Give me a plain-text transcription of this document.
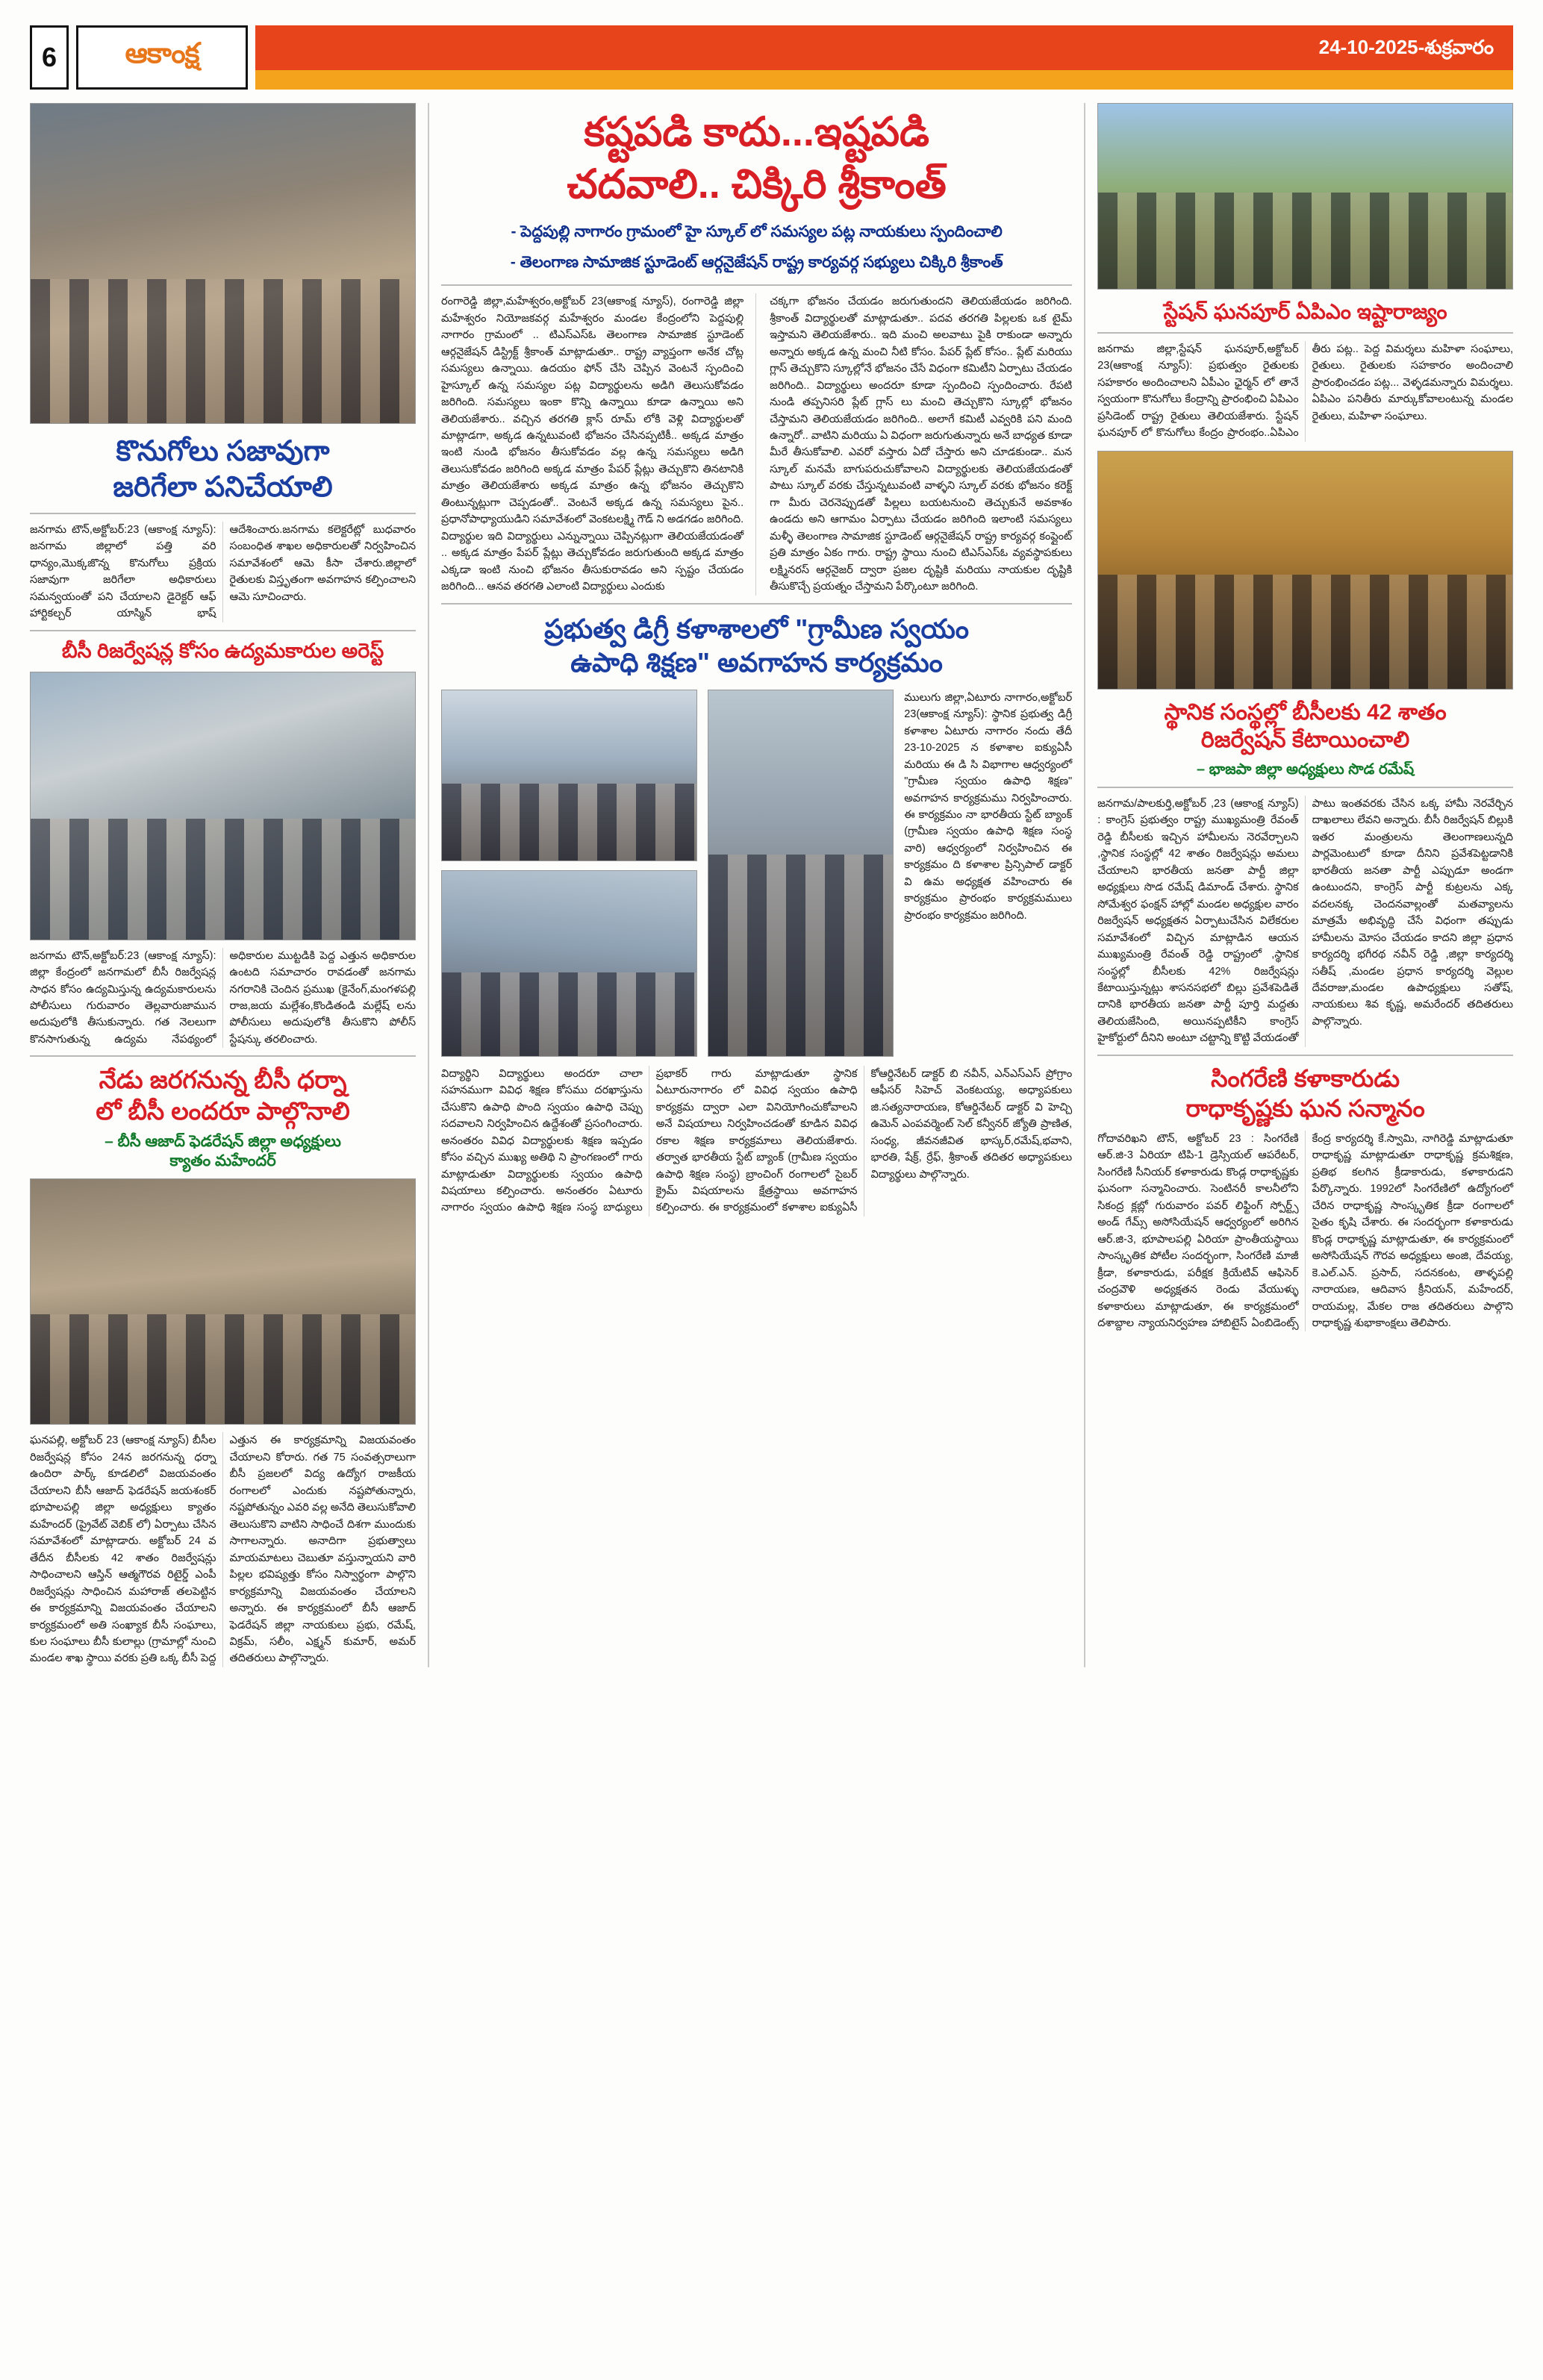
6	ఆకాంక్ష	24-10-2025-శుక్రవారం
కొనుగోలు సజావుగా
జరిగేలా పనిచేయాలి
జనగామ టౌన్,అక్టోబర్:23 (ఆకాంక్ష న్యూస్): జనగామ జిల్లాలో పత్తి వరి ధాన్యం,మొక్కజొన్న కొనుగోలు ప్రక్రియ సజావుగా జరిగేలా అధికారులు సమన్వయంతో పని చేయాలని డైరెక్టర్ ఆఫ్ హార్టికల్చర్ యాస్మిన్ భాష్ ఆదేశించారు.జనగామ కలెక్టరేట్లో బుధవారం సంబంధిత శాఖల అధికారులతో నిర్వహించిన సమావేశంలో ఆమె కీసా చేశారు.జిల్లాలో రైతులకు విస్తృతంగా అవగాహన కల్పించాలని ఆమె సూచించారు.
బీసీ రిజర్వేషన్ల కోసం ఉద్యమకారుల అరెస్ట్
జనగామ టౌన్,అక్టోబర్:23 (ఆకాంక్ష న్యూస్): జిల్లా కేంద్రంలో జనగామలో బీసీ రిజర్వేషన్ల సాధన కోసం ఉద్యమిస్తున్న ఉద్యమకారులను పోలీసులు గురువారం తెల్లవారుజామున అదుపులోకి తీసుకున్నారు. గత నెలలుగా కొనసాగుతున్న ఉద్యమ నేపథ్యంలో అధికారుల ముట్టడికి పెద్ద ఎత్తున అధికారుల ఉంటది సమాచారం రావడంతో జనగామ నగరానికి చెందిన ప్రముఖ (కైనేంగ్,మంగళపల్లి రాజ,జయ మల్లేశం,కొండితండి మల్లేష్ లను పోలీసులు అదుపులోకి తీసుకొని పోలీస్ స్టేషన్కు తరలించారు.
నేడు జరగనున్న బీసీ ధర్నా
లో బీసీ లందరూ పాల్గొనాలి
– బీసీ ఆజాద్ ఫెడరేషన్ జిల్లా అధ్యక్షులు
క్యాతం మహేందర్
ఘనపల్లి, అక్టోబర్ 23 (ఆకాంక్ష న్యూస్) బీసీల రిజర్వేషన్ల కోసం 24న జరగనున్న ధర్నా ఉందిరా పార్క్ కూడలిలో విజయవంతం చేయాలని బీసీ ఆజాద్ ఫెడరేషన్ జయశంకర్ భూపాలపల్లి జిల్లా అధ్యక్షులు క్యాతం మహేందర్ (ప్రైవేట్ వెబిక్ లో) ఏర్పాటు చేసిన సమావేశంలో మాట్లాడారు. అక్టోబర్ 24 వ తేదీన బీసీలకు 42 శాతం రిజర్వేషన్లు సాధించాలని ఆస్తిన్ ఆత్మగౌరవ రిటైర్డ్ ఎంపీ రిజర్వేషన్లు సాధించిన మహారాజ్ తలపెట్టిన ఈ కార్యక్రమాన్ని విజయవంతం చేయాలని కార్యక్రమంలో అతి సంఖ్యాక బీసీ సంఘాలు, కుల సంఘాలు బీసీ కులాల్లు (గ్రామాల్లో నుంచి మండల శాఖ స్థాయి వరకు ప్రతి ఒక్క బీసీ పెద్ద ఎత్తున ఈ కార్యక్రమాన్ని విజయవంతం చేయాలని కోరారు. గత 75 సంవత్సరాలుగా బీసీ ప్రజలలో విద్య ఉద్యోగ రాజకీయ రంగాలలో ఎందుకు నష్టపోతున్నారు, నష్టపోతున్నం ఎవరి వల్ల అనేది తెలుసుకోవాలి తెలుసుకొని వాటిని సాధించే దిశగా ముందుకు సాగాలన్నారు. అనాదిగా ప్రభుత్వాలు మాయమాటలు చెబుతూ వస్తున్నాయని వారి పిల్లల భవిష్యత్తు కోసం నిస్వార్థంగా పాల్గొని కార్యక్రమాన్ని విజయవంతం చేయాలని అన్నారు. ఈ కార్యక్రమంలో బీసీ ఆజాద్ ఫెడరేషన్ జిల్లా నాయకులు ప్రభు, రమేష్, విక్రమ్, సలీం, ఎక్ష్మన్ కుమార్, అమర్ తదితరులు పాల్గొన్నారు.
కష్టపడి కాదు...ఇష్టపడి
చదవాలి.. చిక్కిరి శ్రీకాంత్
- పెద్దపుల్లి నాగారం గ్రామంలో హై స్కూల్ లో సమస్యల పట్ల నాయకులు స్పందించాలి
- తెలంగాణ సామాజిక స్టూడెంట్ ఆర్గనైజేషన్ రాష్ట్ర కార్యవర్గ సభ్యులు చిక్కిరి శ్రీకాంత్
రంగారెడ్డి జిల్లా,మహేశ్వరం,అక్టోబర్ 23(ఆకాంక్ష న్యూస్), రంగారెడ్డి జిల్లా మహేశ్వరం నియోజకవర్గ మహేశ్వరం మండల కేంద్రంలోని పెద్దపుల్లి నాగారం గ్రామంలో .. టిఎస్ఎస్ఓ తెలంగాణ సామాజిక స్టూడెంట్ ఆర్గనైజేషన్ డిస్ట్రిక్ట్ శ్రీకాంత్ మాట్లాడుతూ.. రాష్ట్ర వ్యాప్తంగా అనేక చోట్ల సమస్యలు ఉన్నాయి. ఉదయం ఫోన్ చేసి చెప్పిన వెంటనే స్పందించి హైస్కూల్ ఉన్న సమస్యల పట్ల విద్యార్థులను అడిగి తెలుసుకోవడం జరిగింది. సమస్యలు ఇంకా కొన్ని ఉన్నాయి కూడా ఉన్నాయి అని తెలియజేశారు.. వచ్చిన తరగతి క్లాస్ రూమ్ లోకి వెళ్లి విద్యార్థులతో మాట్లాడగా, అక్కడ ఉన్నటువంటి భోజనం చేసినప్పటికీ.. అక్కడ మాత్రం ఇంటి నుండి భోజనం తీసుకోవడం వల్ల ఉన్న సమస్యలు అడిగి తెలుసుకోవడం జరిగింది అక్కడ మాత్రం పేపర్ ప్లేట్లు తెచ్చుకొని తినటానికి మాత్రం తెలియజేశారు అక్కడ మాత్రం ఉన్న భోజనం తెచ్చుకొని తింటున్నట్లుగా చెప్పడంతో.. వెంటనే అక్కడ ఉన్న సమస్యలు పైన.. ప్రధానోపాధ్యాయుడిని సమావేశంలో వెంకటలక్ష్మి గౌడ్ ని అడగడం జరిగింది. విద్యార్థుల ఇది విద్యార్థులు ఎన్నున్నాయి చెప్పినట్లుగా తెలియజేయడంతో .. అక్కడ మాత్రం పేపర్ ప్లేట్లు తెచ్చుకోవడం జరుగుతుంది అక్కడ మాత్రం ఎక్కడా ఇంటి నుంచి భోజనం తీసుకురావడం అని స్పష్టం చేయడం జరిగింది... ఆనవ తరగతి ఎలాంటి విద్యార్థులు ఎందుకు
చక్కగా భోజనం చేయడం జరుగుతుందని తెలియజేయడం జరిగింది. శ్రీకాంత్ విద్యార్థులతో మాట్లాడుతూ.. పదవ తరగతి పిల్లలకు ఒక టైమ్ ఇస్తామని తెలియజేశారు.. ఇది మంచి అలవాటు పైకి రాకుండా అన్నారు అన్నారు అక్కడ ఉన్న మంచి నీటి కోసం. పేపర్ ప్లేట్ కోసం.. ప్లేట్ మరియు గ్లాస్ తెచ్చుకొని స్కూల్లోనే భోజనం చేసే విధంగా కమిటీని ఏర్పాటు చేయడం జరిగింది.. విద్యార్థులు అందరూ కూడా స్పందించి స్పందించారు. రేపటి నుండి తప్పనిసరి ప్లేట్ గ్లాస్ లు మంచి తెచ్చుకొని స్కూల్లో భోజనం చేస్తామని తెలియజేయడం జరిగింది.. అలాగే కమిటీ ఎవ్వరికి పని మంది ఉన్నారో.. వాటిని మరియు ఏ విధంగా జరుగుతున్నారు అనే బాధ్యత కూడా మీరే తీసుకోవాలి. ఎవరో వస్తారు ఏదో చేస్తారు అని చూడకుండా.. మన స్కూల్ మనమే బాగుపరుచుకోవాలని విద్యార్థులకు తెలియజేయడంతో పాటు స్కూల్ వరకు చేస్తున్నటువంటి వాళ్ళని స్కూల్ వరకు భోజనం కరెక్ట్ గా మీరు చెరనెప్పుడతో పిల్లలు బయటనుంచి తెచ్చుకునే అవకాశం ఉండదు అని ఆగామం ఏర్పాటు చేయడం జరిగింది ఇలాంటి సమస్యలు మళ్ళీ తెలంగాణ సామాజిక స్టూడెంట్ ఆర్గనైజేషన్ రాష్ట్ర కార్యవర్గ కంప్లైంట్ ప్రతి మాత్రం ఏకం గారు. రాష్ట్ర స్థాయి నుంచి టిఎస్ఎస్ఓ వ్యవస్థాపకులు లక్ష్మినరస్ ఆర్గనైజర్ ద్వారా ప్రజల దృష్టికి మరియు నాయకుల దృష్టికి తీసుకొచ్చే ప్రయత్నం చేస్తామని పేర్కొంటూ జరిగింది.
ప్రభుత్వ డిగ్రీ కళాశాలలో "గ్రామీణ స్వయం
ఉపాధి శిక్షణ" అవగాహన కార్యక్రమం
ములుగు జిల్లా,ఏటూరు నాగారం,అక్టోబర్ 23(ఆకాంక్ష న్యూస్): స్థానిక ప్రభుత్వ డిగ్రీ కళాశాల ఏటూరు నాగారం నందు తేదీ 23-10-2025 న కళాశాల ఐక్యుఏసీ మరియు ఈ డి సి విభాగాల ఆధ్వర్యంలో "గ్రామీణ స్వయం ఉపాధి శిక్షణ" అవగాహన కార్యక్రమము నిర్వహించారు. ఈ కార్యక్రమం నా భారతీయ స్టేట్ బ్యాంక్ (గ్రామీణ స్వయం ఉపాధి శిక్షణ సంస్థ వారి) ఆధ్వర్యంలో నిర్వహించిన ఈ కార్యక్రమం ది కళాశాల ప్రిన్సిపాల్ డాక్టర్ వి ఉమ అధ్యక్షత వహించారు ఈ కార్యక్రమం ప్రారంభం కార్యక్రమములు ప్రారంభం కార్యక్రమం జరిగింది.
విద్యార్థిని విద్యార్థులు అందరూ చాలా సహనముగా వివిధ శిక్షణ కోసము దరఖాస్తును చేసుకొని ఉపాధి పొంది స్వయం ఉపాధి చెప్పు సదవాలని నిర్వహించిన ఉద్దేశంతో ప్రసంగించారు. అనంతరం వివిధ విద్యార్థులకు శిక్షణ ఇప్పడం కోసం వచ్చిన ముఖ్య అతిథి ని ప్రాంగణంలో గారు మాట్లాడుతూ విద్యార్థులకు స్వయం ఉపాధి విషయాలు కల్పించారు. అనంతరం ఏటూరు నాగారం స్వయం ఉపాధి శిక్షణ సంస్థ బాధ్యులు ప్రభాకర్ గారు మాట్లాడుతూ స్థానిక ఏటూరునాగారం లో వివిధ స్వయం ఉపాధి కార్యక్రమ ద్వారా ఎలా వినియోగించుకోవాలని అనే విషయాలు నిర్వహించడంతో కూడిన వివిధ రకాల శిక్షణ కార్యక్రమాలు తెలియజేశారు. తర్వాత భారతీయ స్టేట్ బ్యాంక్ (గ్రామీణ స్వయం ఉపాధి శిక్షణ సంస్థ) బ్రాంచింగ్ రంగాలలో సైబర్ క్రైమ్ విషయాలను క్షేత్రస్థాయి అవగాహన కల్పించారు. ఈ కార్యక్రమంలో కళాశాల ఐక్యుఏసీ కోఆర్డినేటర్ డాక్టర్ బి నవీన్, ఎన్ఎస్ఎస్ ప్రోగ్రాం ఆఫీసర్ సిహెచ్ వెంకటయ్య, అధ్యాపకులు జి.సత్యనారాయణ, కోఆర్డినేటర్ డాక్టర్ వి హెచ్చి ఉమెన్ ఎంపవర్మెంట్ సెల్ కన్వీనర్ జ్యోతి ప్రాణిత, సంధ్య, జీవనజీవిత భాస్కర్,రమేష్,భవాని, భారతి, షేక్ర్, ర్రేఫ్, శ్రీకాంత్ తదితర అధ్యాపకులు విద్యార్థులు పాల్గొన్నారు.
స్టేషన్ ఘనపూర్ ఏపిఎం ఇష్టారాజ్యం
జనగామ జిల్లా,స్టేషన్ ఘనపూర్,అక్టోబర్ 23(ఆకాంక్ష న్యూస్): ప్రభుత్వం రైతులకు సహకారం అందించాలని ఏపీఎం ఛైర్మన్ లో తానే స్వయంగా కొనుగోలు కేంద్రాన్ని ప్రారంభించి ఏపిఎం ప్రసిడెంట్ రాష్ట్ర రైతులు తెలియజేశారు. స్టేషన్ ఘనపూర్ లో కొనుగోలు కేంద్రం ప్రారంభం..ఏపిఎం తీరు పట్ల.. పెద్ద విమర్శలు మహిళా సంఘాలు, రైతులు. రైతులకు సహకారం అందించాలి ప్రారంభించడం పట్ల... వెళ్ళడమన్నారు విమర్శలు. ఏపిఎం పనితీరు మార్కుకోవాలంటున్న మండల రైతులు, మహిళా సంఘాలు.
స్థానిక సంస్థల్లో బీసీలకు 42 శాతం
రిజర్వేషన్ కేటాయించాలి
– భాజపా జిల్లా అధ్యక్షులు సొడ రమేష్
జనగామ/పాలకుర్తి,అక్టోబర్ ,23 (ఆకాంక్ష న్యూస్) : కాంగ్రెస్ ప్రభుత్వం రాష్ట్ర ముఖ్యమంత్రి రేవంత్ రెడ్డి బీసీలకు ఇచ్చిన హామీలను నెరవేర్చాలని ,స్థానిక సంస్థల్లో 42 శాతం రిజర్వేషన్లు అమలు చేయాలని భారతీయ జనతా పార్టీ జిల్లా అధ్యక్షులు సొడ రమేష్ డిమాండ్ చేశారు. స్థానిక సోమేశ్వర ఫంక్షన్ హాల్లో మండల అధ్యక్షుల వారం రిజర్వేషన్ అధ్యక్షతన ఏర్పాటుచేసిన విలేకరుల సమావేశంలో విచ్చిన మాట్లాడిన ఆయన ముఖ్యమంత్రి రేవంత్ రెడ్డి రాష్ట్రంలో ,స్థానిక సంస్థల్లో బీసీలకు 42% రిజర్వేషన్లు కేటాయిస్తున్నట్లు శాసనసభలో బిల్లు ప్రవేశపెడితే దానికి భారతీయ జనతా పార్టీ పూర్తి మద్దతు తెలియజేసింది, అయినప్పటికీని కాంగ్రెస్ హైకోర్టులో దీనిని అంటూ చట్టాన్ని కొట్టి వేయడంతో పాటు ఇంతవరకు చేసిన ఒక్క హామీ నెరవేర్చిన దాఖలాలు లేవని అన్నారు. బీసీ రిజర్వేషన్ బిల్లుకి ఇతర మంత్రులను తెలంగాణలున్నది పార్లమెంటులో కూడా దీనిని ప్రవేశపెట్టడానికి భారతీయ జనతా పార్టీ ఎప్పుడూ అండగా ఉంటుందని, కాంగ్రెస్ పార్టీ కుట్రలను ఎక్క వదలనక్క చెందనవాల్లంతో మతవ్యాలను మాత్రమే అభివృద్ధి చేసే విధంగా తప్పుడు హామీలను మోసం చేయడం కాదని జిల్లా ప్రధాన కార్యదర్శి భగీరథ నవీన్ రెడ్డి ,జిల్లా కార్యదర్శి సతీష్ ,మండల ప్రధాన కార్యదర్శి వెల్లుల దేవరాజు,మండల ఉపాధ్యక్షులు సతోష్, నాయకులు శివ కృష్ణ, అమరేందర్ తదితరులు పాల్గొన్నారు.
సింగరేణి కళాకారుడు
రాధాకృష్ణకు ఘన సన్మానం
గోదావరిఖని టౌన్, అక్టోబర్ 23 : సింగరేణి ఆర్.జి-3 ఏరియా టిపి-1 డ్రెస్సియల్ ఆపరేటర్, సింగరేణి సీనియర్ కళాకారుడు కొండ్ల రాధాకృష్ణకు ఘనంగా సన్మానించారు. సెంటినరీ కాలనీలోని సికంద్ర క్లబ్లో గురువారం పవర్ లిఫ్టింగ్ స్పోర్ట్స్ అండ్ గేమ్స్ అసోసియేషన్ ఆధ్వర్యంలో అరిగిన ఆర్.జి-3, భూపాలపల్లి ఏరియా ప్రాంతీయస్థాయి సాంస్కృతిక పోటీల సందర్భంగా, సింగరేణి మాజీ క్రీడా, కళాకారుడు, పరీక్షక క్రియేటివ్ ఆఫిసెర్ చంద్రవౌళి అధ్యక్షతన రెండు వేయుళ్ళు కళాకారులు మాట్లాడుతూ, ఈ కార్యక్రమంలో దశాబ్దాల న్యాయనిర్వహణ హాబిటైస్ ఏంబిడెంట్స్ కేంద్ర కార్యదర్శి కే.స్వామి, నాగిరెడ్డి మాట్లాడుతూ రాధాకృష్ణ మాట్లాడుతూ రాధాకృష్ణ క్రమశిక్షణ, ప్రతిభ కలగిన క్రీడాకారుడు, కళాకారుడని పేర్కొన్నారు. 1992లో సింగరేణిలో ఉద్యోగంలో చేరిన రాధాకృష్ణ సాంస్కృతిక క్రీడా రంగాలలో సైతం కృషి చేశారు. ఈ సందర్భంగా కళాకారుడు కొండ్ల రాధాకృష్ణ మాట్లాడుతూ, ఈ కార్యక్రమంలో అసోసియేషన్ గౌరవ అధ్యక్షులు అంజి, దేవయ్య, కె.ఎల్.ఎన్. ప్రసాద్, సదనకంట, తాళ్ళపల్లి నారాయణ, ఆదివాస క్రీనియన్, మహేందర్, రాయమల్ల, మేకల రాజ తదితరులు పాల్గొని రాధాకృష్ణ శుభాకాంక్షలు తెలిపారు.
